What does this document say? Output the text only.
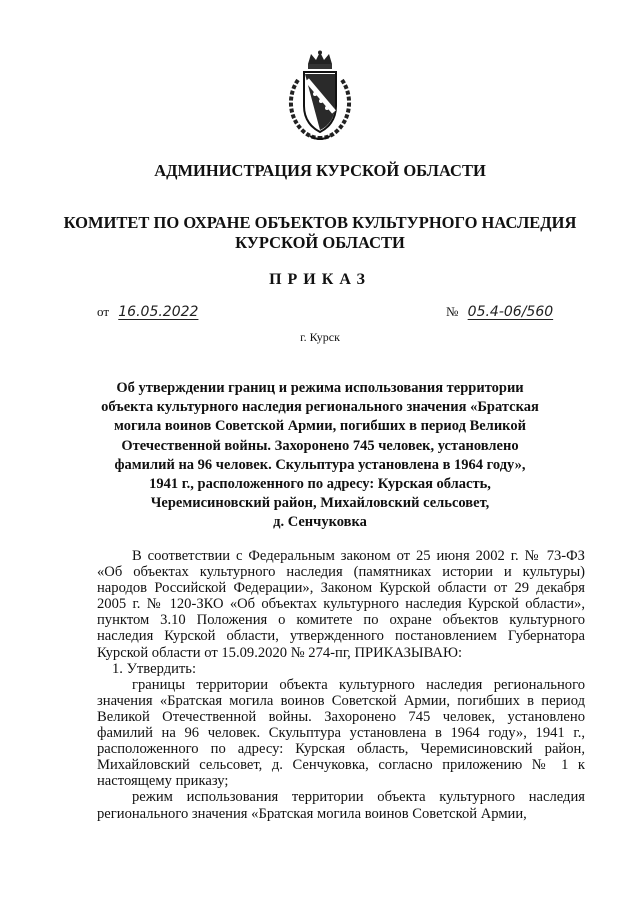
АДМИНИСТРАЦИЯ КУРСКОЙ ОБЛАСТИ
КОМИТЕТ ПО ОХРАНЕ ОБЪЕКТОВ КУЛЬТУРНОГО НАСЛЕДИЯ
КУРСКОЙ ОБЛАСТИ
ПРИКАЗ
от 16.05.2022	№ 05.4-06/560
г. Курск
Об утверждении границ и режима использования территории
объекта культурного наследия регионального значения «Братская
могила воинов Советской Армии, погибших в период Великой
Отечественной войны. Захоронено 745 человек, установлено
фамилий на 96 человек. Скульптура установлена в 1964 году»,
1941 г., расположенного по адресу: Курская область,
Черемисиновский район, Михайловский сельсовет,
д. Сенчуковка

В соответствии с Федеральным законом от 25 июня 2002 г. № 73-ФЗ «Об объектах культурного наследия (памятниках истории и культуры) народов Российской Федерации», Законом Курской области от 29 декабря 2005 г. № 120-ЗКО «Об объектах культурного наследия Курской области», пунктом 3.10 Положения о комитете по охране объектов культурного наследия Курской области, утвержденного постановлением Губернатора Курской области от 15.09.2020 № 274-пг, ПРИКАЗЫВАЮ:

1. Утвердить:

границы территории объекта культурного наследия регионального значения «Братская могила воинов Советской Армии, погибших в период Великой Отечественной войны. Захоронено 745 человек, установлено фамилий на 96 человек. Скульптура установлена в 1964 году», 1941 г., расположенного по адресу: Курская область, Черемисиновский район, Михайловский сельсовет, д. Сенчуковка, согласно приложению № 1 к настоящему приказу;

режим использования территории объекта культурного наследия регионального значения «Братская могила воинов Советской Армии,
